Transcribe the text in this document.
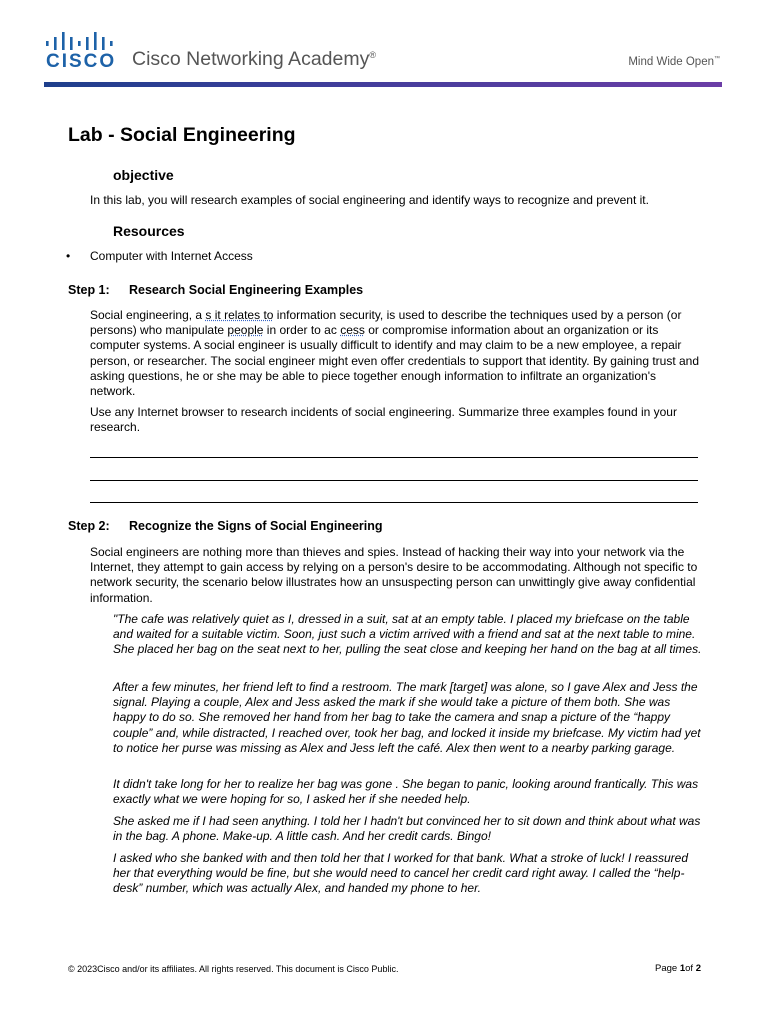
CISCO Cisco Networking Academy®
Mind Wide Open™
Lab - Social Engineering
objective
In this lab, you will research examples of social engineering and identify ways to recognize and prevent it.
Resources
• Computer with Internet Access
Step 1: Research Social Engineering Examples
Social engineering, a s it relates to information security, is used to describe the techniques used by a person (or persons) who manipulate people in order to ac cess or compromise information about an organization or its computer systems. A social engineer is usually difficult to identify and may claim to be a new employee, a repair person, or researcher. The social engineer might even offer credentials to support that identity. By gaining trust and asking questions, he or she may be able to piece together enough information to infiltrate an organization's network.
Use any Internet browser to research incidents of social engineering. Summarize three examples found in your research.
Step 2: Recognize the Signs of Social Engineering
Social engineers are nothing more than thieves and spies. Instead of hacking their way into your network via the Internet, they attempt to gain access by relying on a person's desire to be accommodating. Although not specific to network security, the scenario below illustrates how an unsuspecting person can unwittingly give away confidential information.
"The cafe was relatively quiet as I, dressed in a suit, sat at an empty table. I placed my briefcase on the table and waited for a suitable victim. Soon, just such a victim arrived with a friend and sat at the next table to mine. She placed her bag on the seat next to her, pulling the seat close and keeping her hand on the bag at all times.
After a few minutes, her friend left to find a restroom. The mark [target] was alone, so I gave Alex and Jess the signal. Playing a couple, Alex and Jess asked the mark if she would take a picture of them both. She was happy to do so. She removed her hand from her bag to take the camera and snap a picture of the “happy couple” and, while distracted, I reached over, took her bag, and locked it inside my briefcase. My victim had yet to notice her purse was missing as Alex and Jess left the café. Alex then went to a nearby parking garage.
It didn't take long for her to realize her bag was gone . She began to panic, looking around frantically. This was exactly what we were hoping for so, I asked her if she needed help.
She asked me if I had seen anything. I told her I hadn't but convinced her to sit down and think about what was in the bag. A phone. Make-up. A little cash. And her credit cards. Bingo!
I asked who she banked with and then told her that I worked for that bank. What a stroke of luck! I reassured her that everything would be fine, but she would need to cancel her credit card right away. I called the “help-desk” number, which was actually Alex, and handed my phone to her.
© 2023Cisco and/or its affiliates. All rights reserved. This document is Cisco Public.	Page 1of 2
